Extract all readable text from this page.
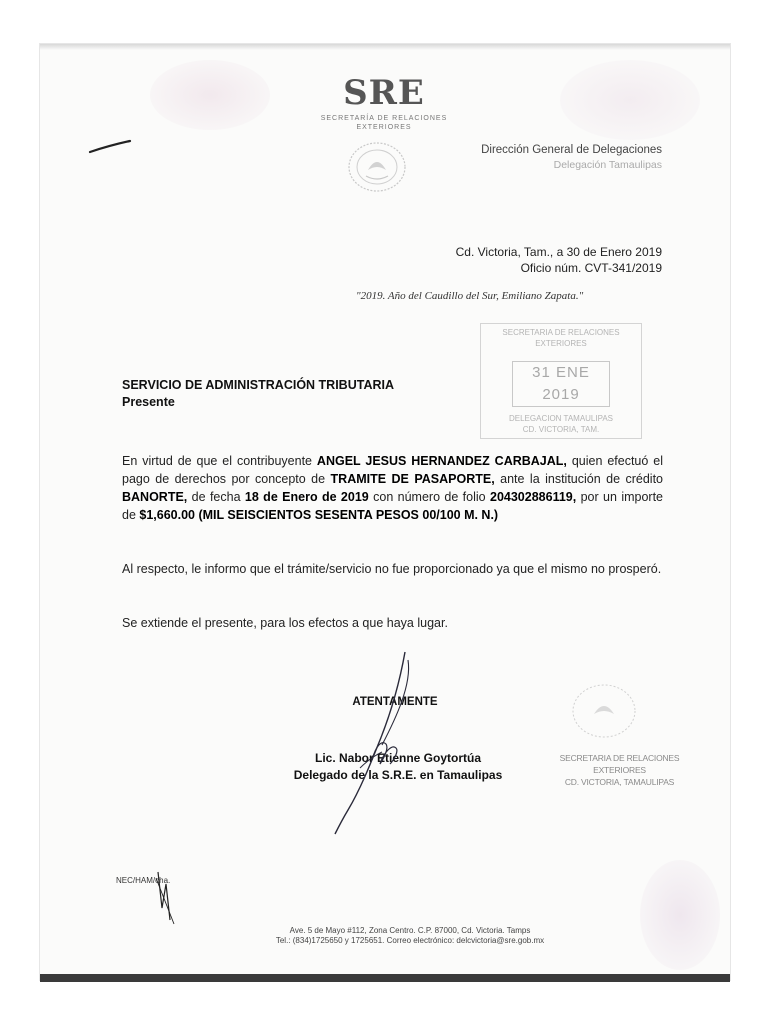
SRE
SECRETARÍA DE RELACIONES
EXTERIORES
Dirección General de Delegaciones
Delegación Tamaulipas
Cd. Victoria, Tam., a 30 de Enero 2019
Oficio núm. CVT-341/2019
"2019. Año del Caudillo del Sur, Emiliano Zapata."
SECRETARIA DE RELACIONES
EXTERIORES
31 ENE 2019
DELEGACION TAMAULIPAS
CD. VICTORIA, TAM.
SERVICIO DE ADMINISTRACIÓN TRIBUTARIA
Presente
En virtud de que el contribuyente ANGEL JESUS HERNANDEZ CARBAJAL, quien efectuó el pago de derechos por concepto de TRAMITE DE PASAPORTE, ante la institución de crédito BANORTE, de fecha 18 de Enero de 2019 con número de folio 204302886119, por un importe de $1,660.00 (MIL SEISCIENTOS SESENTA PESOS 00/100 M. N.)
Al respecto, le informo que el trámite/servicio no fue proporcionado ya que el mismo no prosperó.
Se extiende el presente, para los efectos a que haya lugar.
ATENTAMENTE
Lic. Nabor Etienne Goytortúa
Delegado de la S.R.E. en Tamaulipas
SECRETARIA DE RELACIONES EXTERIORES
CD. VICTORIA, TAMAULIPAS
NEC/HAM/cha.
Ave. 5 de Mayo #112, Zona Centro. C.P. 87000, Cd. Victoria. Tamps
Tel.: (834)1725650 y 1725651. Correo electrónico: delcvictoria@sre.gob.mx
